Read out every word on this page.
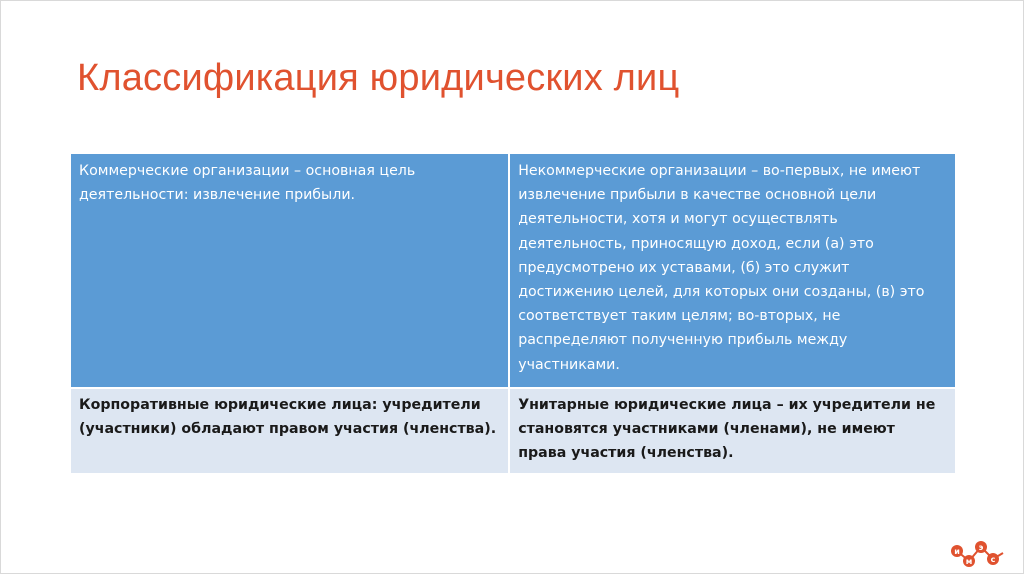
Классификация юридических лиц
Коммерческие организации – основная цель деятельности: извлечение прибыли.	Некоммерческие организации – во-первых, не имеют извлечение прибыли в качестве основной цели деятельности, хотя и могут осуществлять деятельность, приносящую доход, если (а) это предусмотрено их уставами, (б) это служит достижению целей, для которых они созданы, (в) это соответствует таким целям; во-вторых, не распределяют полученную прибыль между участниками.
Корпоративные юридические лица: учредители (участники) обладают правом участия (членства).	Унитарные юридические лица – их учредители не становятся участниками (членами), не имеют права участия (членства).
и
м
э
с
